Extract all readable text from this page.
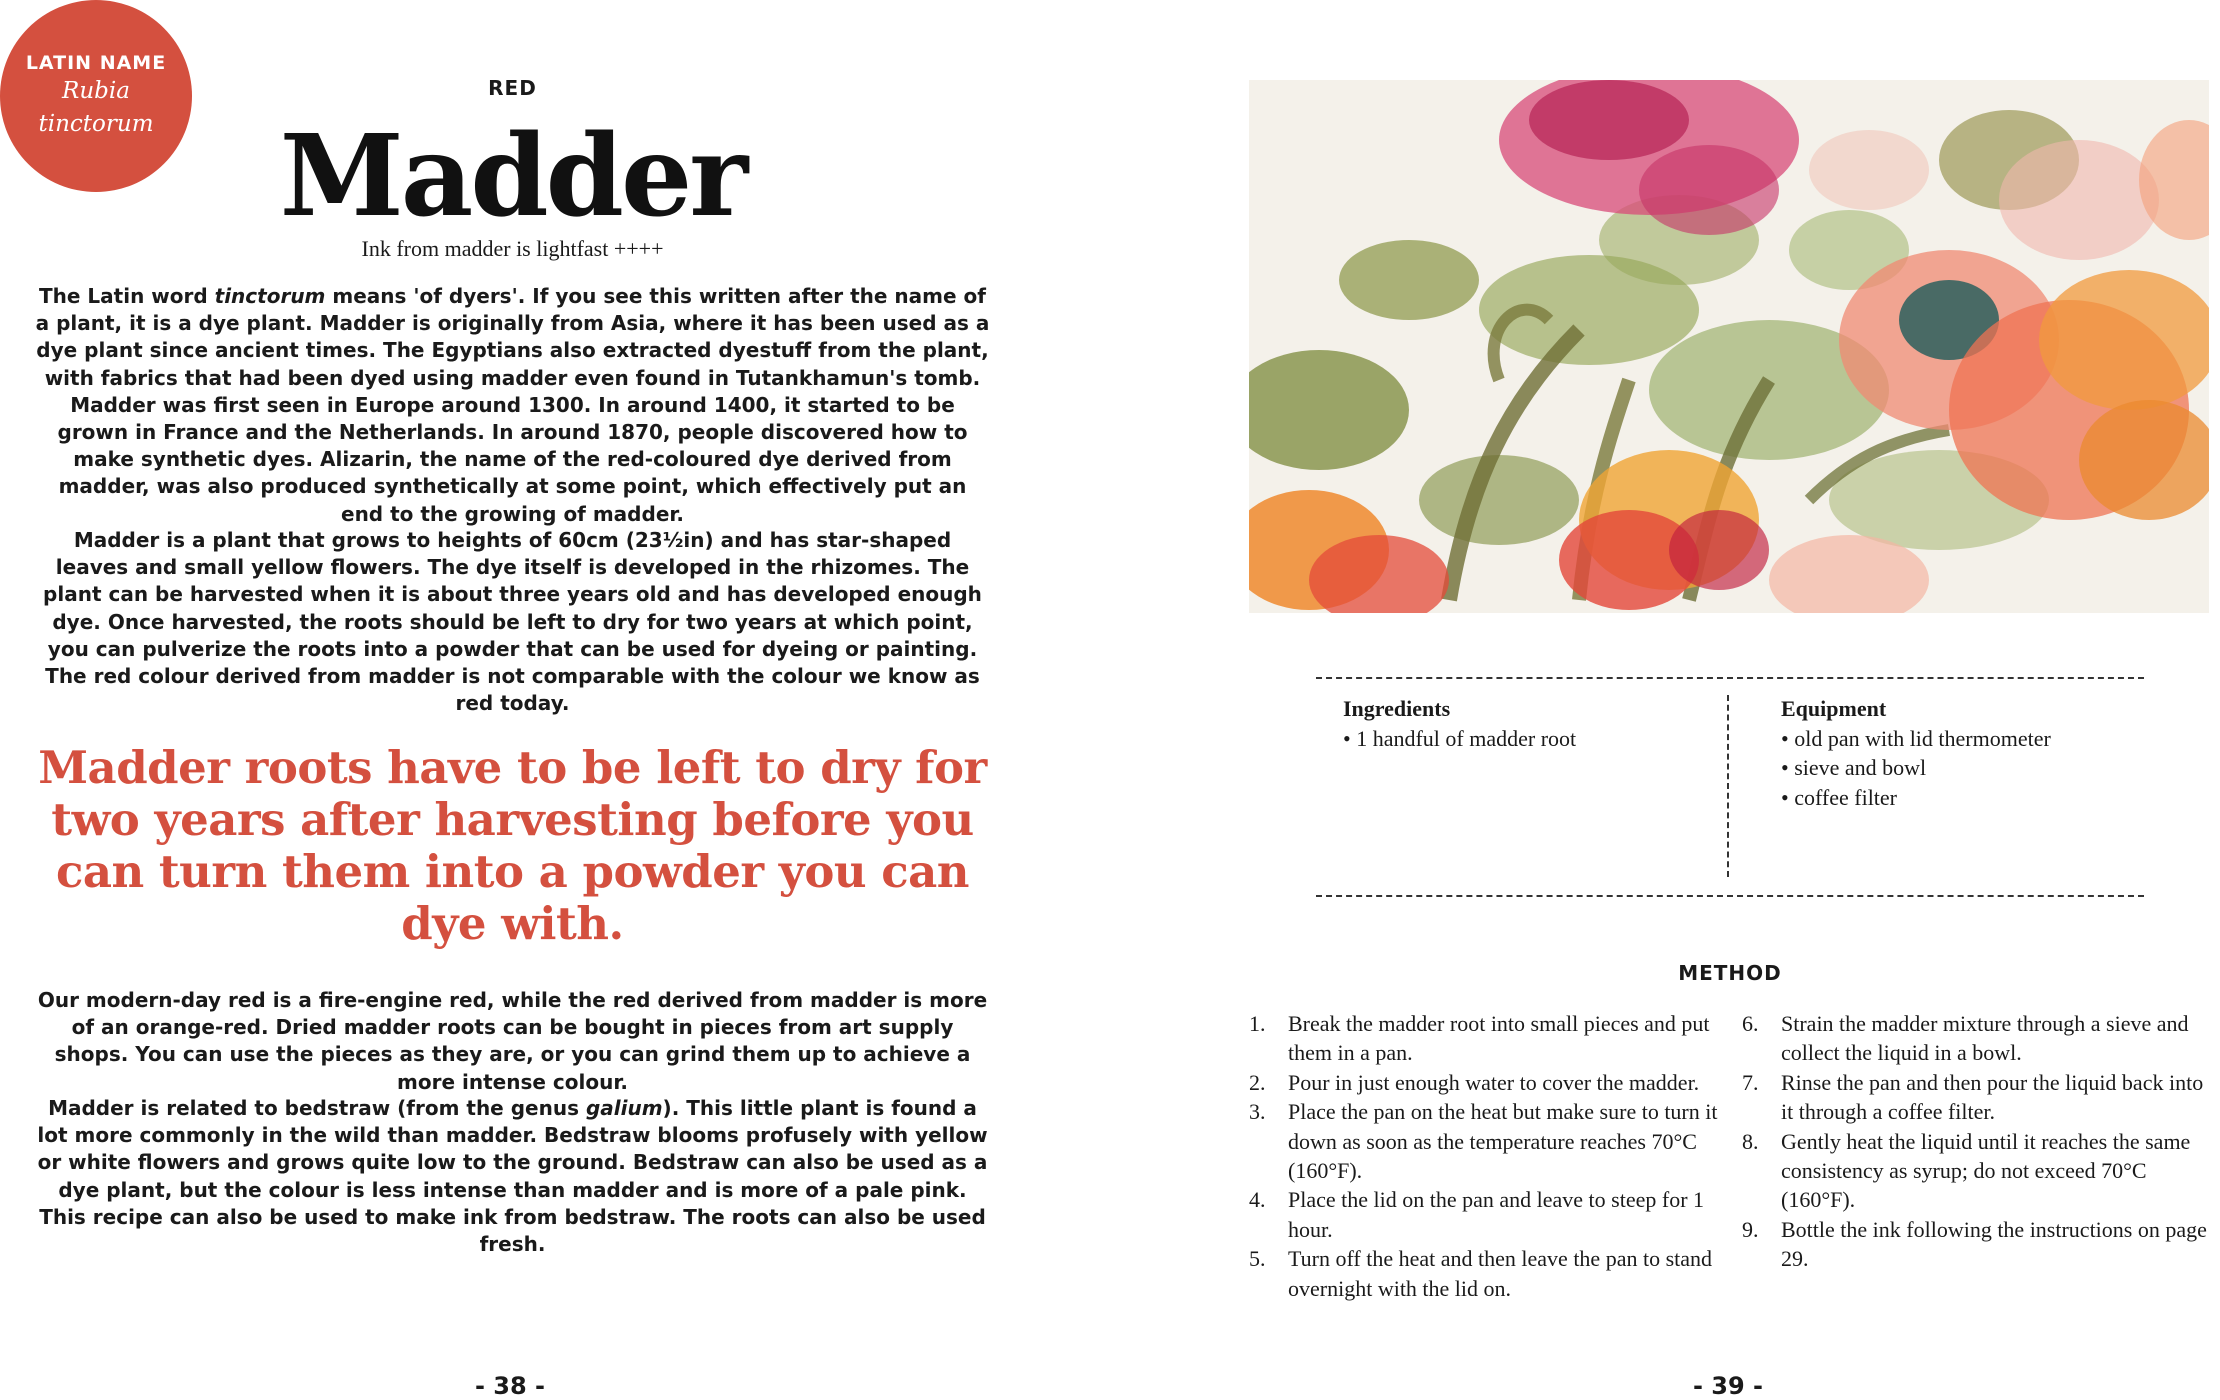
LATIN NAME
Rubia
tinctorum
RED
Madder
Ink from madder is lightfast ++++

The Latin word tinctorum means 'of dyers'. If you see this written after the name of a plant, it is a dye plant. Madder is originally from Asia, where it has been used as a dye plant since ancient times. The Egyptians also extracted dyestuff from the plant, with fabrics that had been dyed using madder even found in Tutankhamun's tomb. Madder was first seen in Europe around 1300. In around 1400, it started to be grown in France and the Netherlands. In around 1870, people discovered how to make synthetic dyes. Alizarin, the name of the red-coloured dye derived from madder, was also produced synthetically at some point, which effectively put an end to the growing of madder.

Madder is a plant that grows to heights of 60cm (23½in) and has star-shaped leaves and small yellow flowers. The dye itself is developed in the rhizomes. The plant can be harvested when it is about three years old and has developed enough dye. Once harvested, the roots should be left to dry for two years at which point, you can pulverize the roots into a powder that can be used for dyeing or painting. The red colour derived from madder is not comparable with the colour we know as red today.

Madder roots have to be left to dry for two years after harvesting before you can turn them into a powder you can dye with.

Our modern-day red is a fire-engine red, while the red derived from madder is more of an orange-red. Dried madder roots can be bought in pieces from art supply shops. You can use the pieces as they are, or you can grind them up to achieve a more intense colour.

Madder is related to bedstraw (from the genus galium). This little plant is found a lot more commonly in the wild than madder. Bedstraw blooms profusely with yellow or white flowers and grows quite low to the ground. Bedstraw can also be used as a dye plant, but the colour is less intense than madder and is more of a pale pink. This recipe can also be used to make ink from bedstraw. The roots can also be used fresh.

- 38 -
Ingredients
• 1 handful of madder root
Equipment
• old pan with lid thermometer
• sieve and bowl
• coffee filter
METHOD
1.	Break the madder root into small pieces and put them in a pan.
2.	Pour in just enough water to cover the madder.
3.	Place the pan on the heat but make sure to turn it down as soon as the temperature reaches 70°C (160°F).
4.	Place the lid on the pan and leave to steep for 1 hour.
5.	Turn off the heat and then leave the pan to stand overnight with the lid on.
6.	Strain the madder mixture through a sieve and collect the liquid in a bowl.
7.	Rinse the pan and then pour the liquid back into it through a coffee filter.
8.	Gently heat the liquid until it reaches the same consistency as syrup; do not exceed 70°C (160°F).
9.	Bottle the ink following the instructions on page 29.
- 39 -
